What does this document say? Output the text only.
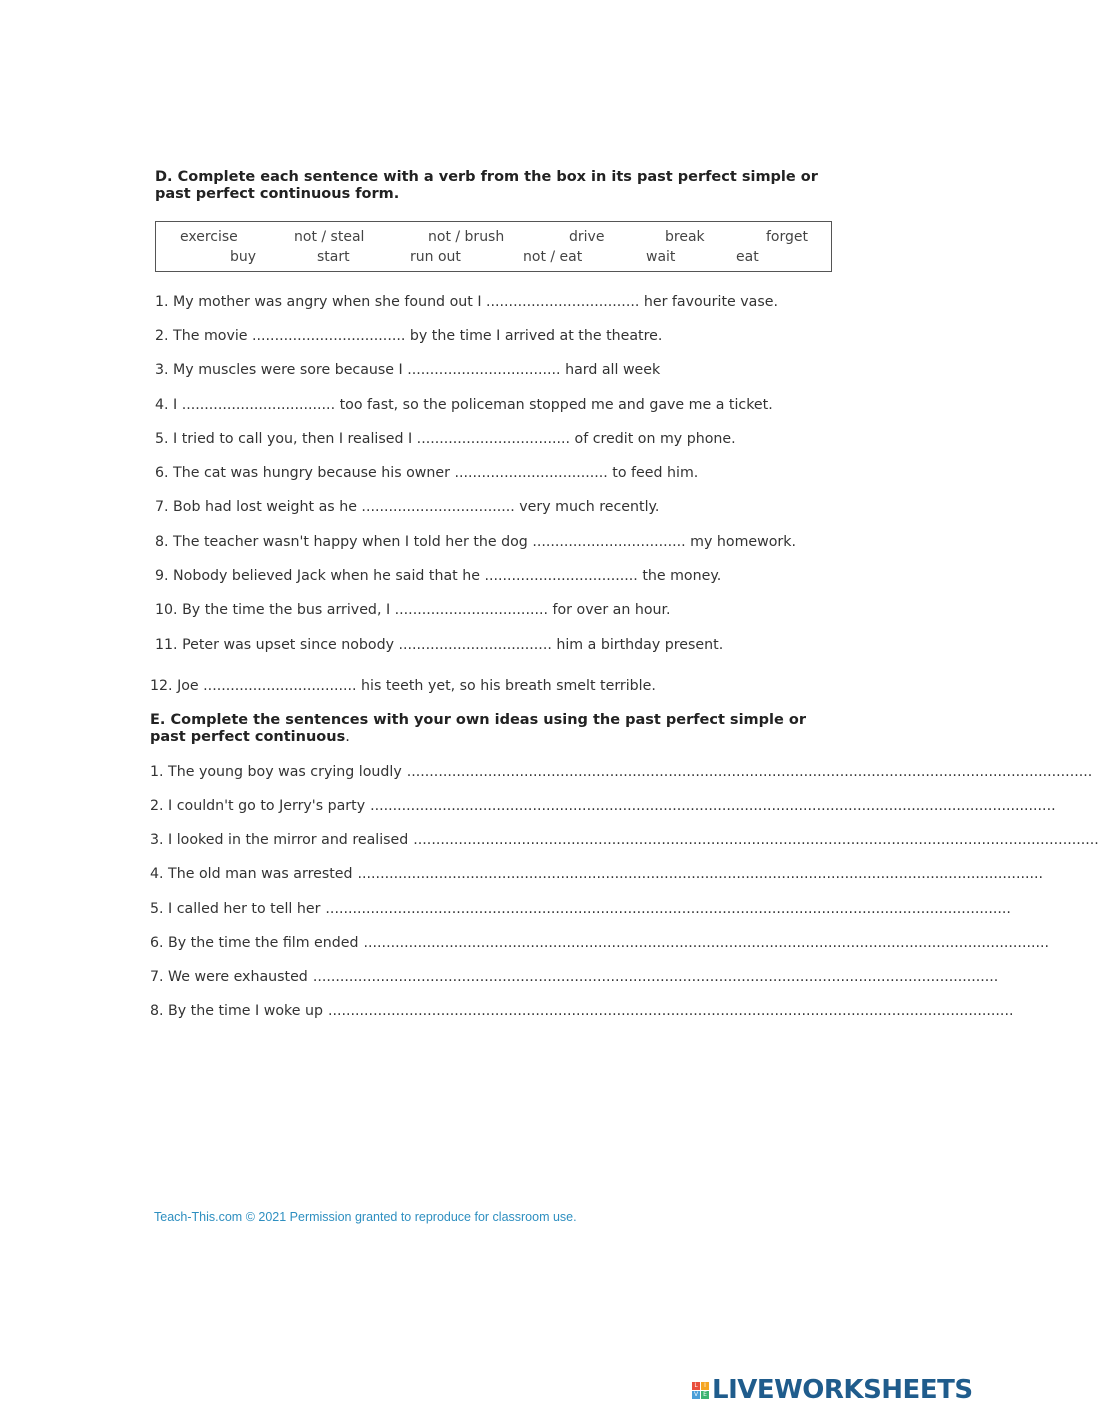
D. Complete each sentence with a verb from the box in its past perfect simple or past perfect continuous form.
exercise	not / steal	not / brush	drive	break	forget
buy	start	run out	not / eat	wait	eat
1. My mother was angry when she found out I .................................. her favourite vase.
2. The movie .................................. by the time I arrived at the theatre.
3. My muscles were sore because I .................................. hard all week
4. I .................................. too fast, so the policeman stopped me and gave me a ticket.
5. I tried to call you, then I realised I .................................. of credit on my phone.
6. The cat was hungry because his owner .................................. to feed him.
7. Bob had lost weight as he .................................. very much recently.
8. The teacher wasn't happy when I told her the dog .................................. my homework.
9. Nobody believed Jack when he said that he .................................. the money.
10. By the time the bus arrived, I .................................. for over an hour.
11. Peter was upset since nobody .................................. him a birthday present.
12. Joe .................................. his teeth yet, so his breath smelt terrible.
E. Complete the sentences with your own ideas using the past perfect simple or past perfect continuous.
1. The young boy was crying loudly ........................................................................................................................................................
2. I couldn't go to Jerry's party ........................................................................................................................................................
3. I looked in the mirror and realised ........................................................................................................................................................
4. The old man was arrested ........................................................................................................................................................
5. I called her to tell her ........................................................................................................................................................
6. By the time the film ended ........................................................................................................................................................
7. We were exhausted ........................................................................................................................................................
8. By the time I woke up ........................................................................................................................................................
Teach-This.com © 2021 Permission granted to reproduce for classroom use.
L	I
V E LIVEWORKSHEETS
